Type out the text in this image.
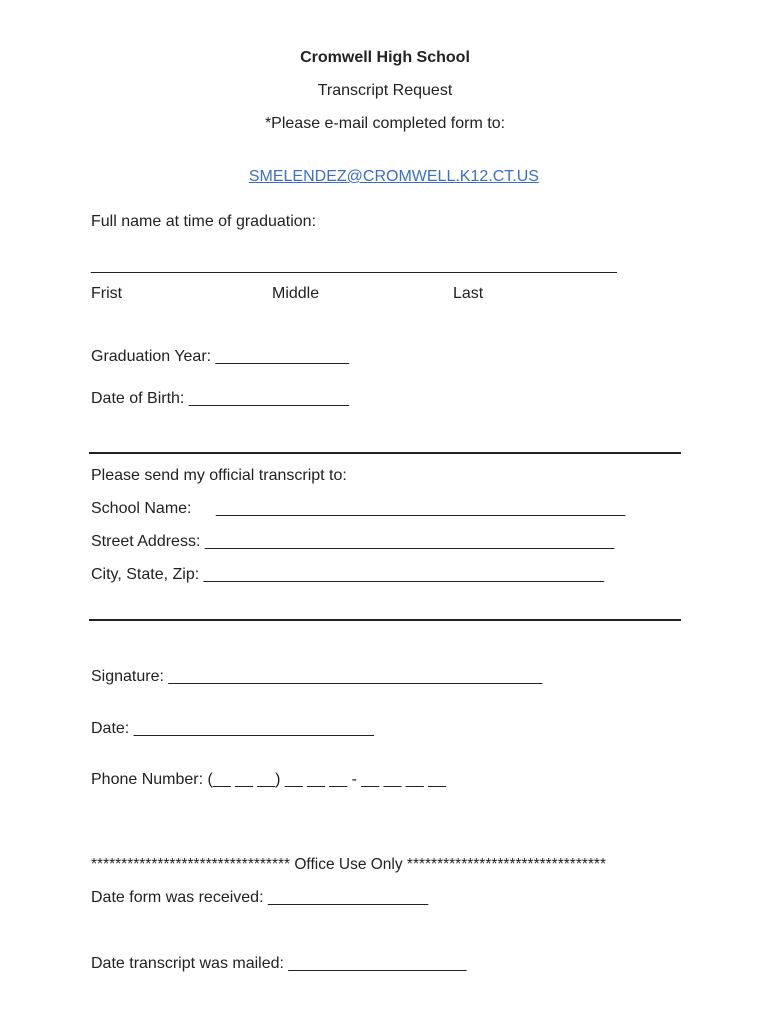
Cromwell High School
Transcript Request
*Please e-mail completed form to:

SMELENDEZ@CROMWELL.K12.CT.US

Full name at time of graduation:
_____________________________________________________________
Frist	Middle	Last
Graduation Year: _______________
Date of Birth: __________________
Please send my official transcript to:
School Name: ______________________________________________
Street Address: ______________________________________________
City, State, Zip: _____________________________________________
Signature: __________________________________________
Date: ___________________________
Phone Number: (__ __ __) __ __ __ - __ __ __ __
********************************* Office Use Only *********************************
Date form was received: __________________
Date transcript was mailed: ____________________
